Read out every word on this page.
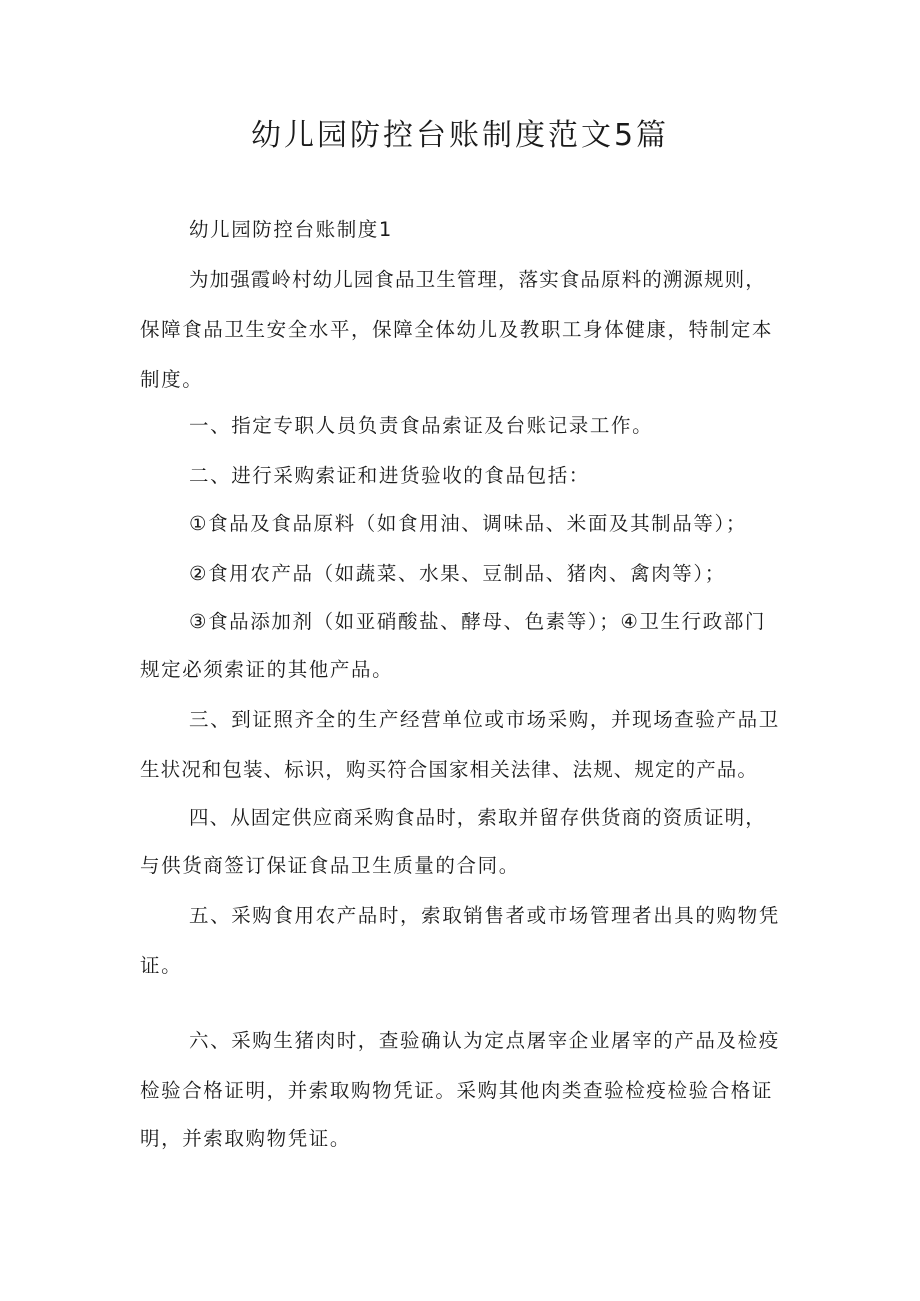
幼儿园防控台账制度范文5篇

幼儿园防控台账制度1

为加强霞岭村幼儿园食品卫生管理，落实食品原料的溯源规则，

保障食品卫生安全水平，保障全体幼儿及教职工身体健康，特制定本

制度。

一、指定专职人员负责食品索证及台账记录工作。

二、进行采购索证和进货验收的食品包括：

①食品及食品原料（如食用油、调味品、米面及其制品等）；

②食用农产品（如蔬菜、水果、豆制品、猪肉、禽肉等）；

③食品添加剂（如亚硝酸盐、酵母、色素等）；④卫生行政部门

规定必须索证的其他产品。

三、到证照齐全的生产经营单位或市场采购，并现场查验产品卫

生状况和包装、标识，购买符合国家相关法律、法规、规定的产品。

四、从固定供应商采购食品时，索取并留存供货商的资质证明，

与供货商签订保证食品卫生质量的合同。

五、采购食用农产品时，索取销售者或市场管理者出具的购物凭

证。

六、采购生猪肉时，查验确认为定点屠宰企业屠宰的产品及检疫

检验合格证明，并索取购物凭证。采购其他肉类查验检疫检验合格证

明，并索取购物凭证。
